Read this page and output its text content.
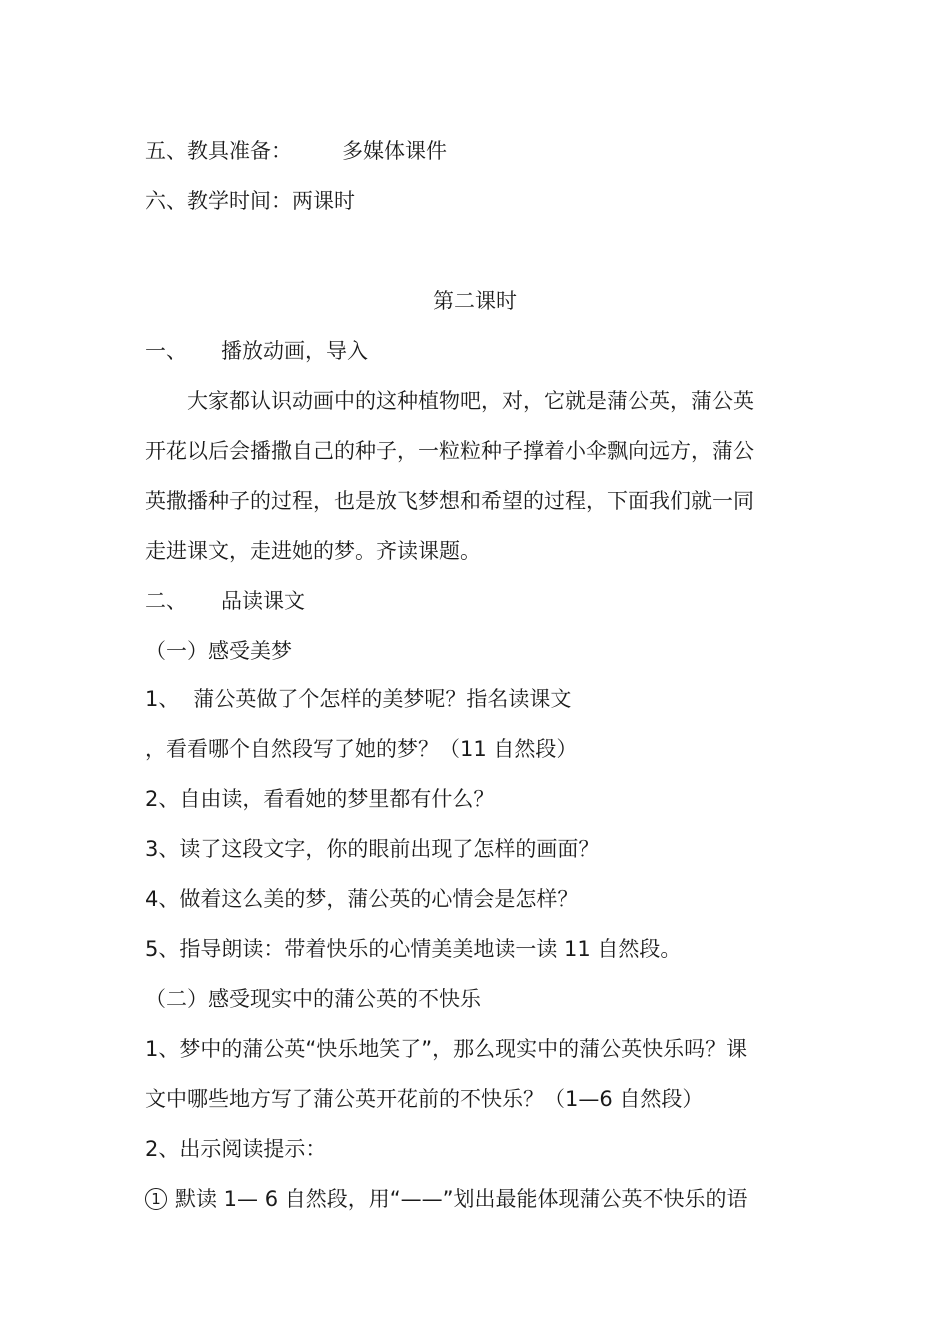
五、教具准备： 多媒体课件
六、教学时间：两课时
第二课时
一、 播放动画，导入
大家都认识动画中的这种植物吧，对，它就是蒲公英，蒲公英
开花以后会播撒自己的种子，一粒粒种子撑着小伞飘向远方，蒲公
英撒播种子的过程，也是放飞梦想和希望的过程，下面我们就一同
走进课文，走进她的梦。齐读课题。
二、 品读课文
（一）感受美梦
1、 蒲公英做了个怎样的美梦呢？指名读课文
，看看哪个自然段写了她的梦？（11 自然段）
2、自由读，看看她的梦里都有什么？
3、读了这段文字，你的眼前出现了怎样的画面？
4、做着这么美的梦，蒲公英的心情会是怎样？
5、指导朗读：带着快乐的心情美美地读一读 11 自然段。
（二）感受现实中的蒲公英的不快乐
1、梦中的蒲公英“快乐地笑了”，那么现实中的蒲公英快乐吗？课
文中哪些地方写了蒲公英开花前的不快乐？（1—6 自然段）
2、出示阅读提示：
1 默读 1— 6 自然段，用“——”划出最能体现蒲公英不快乐的语
